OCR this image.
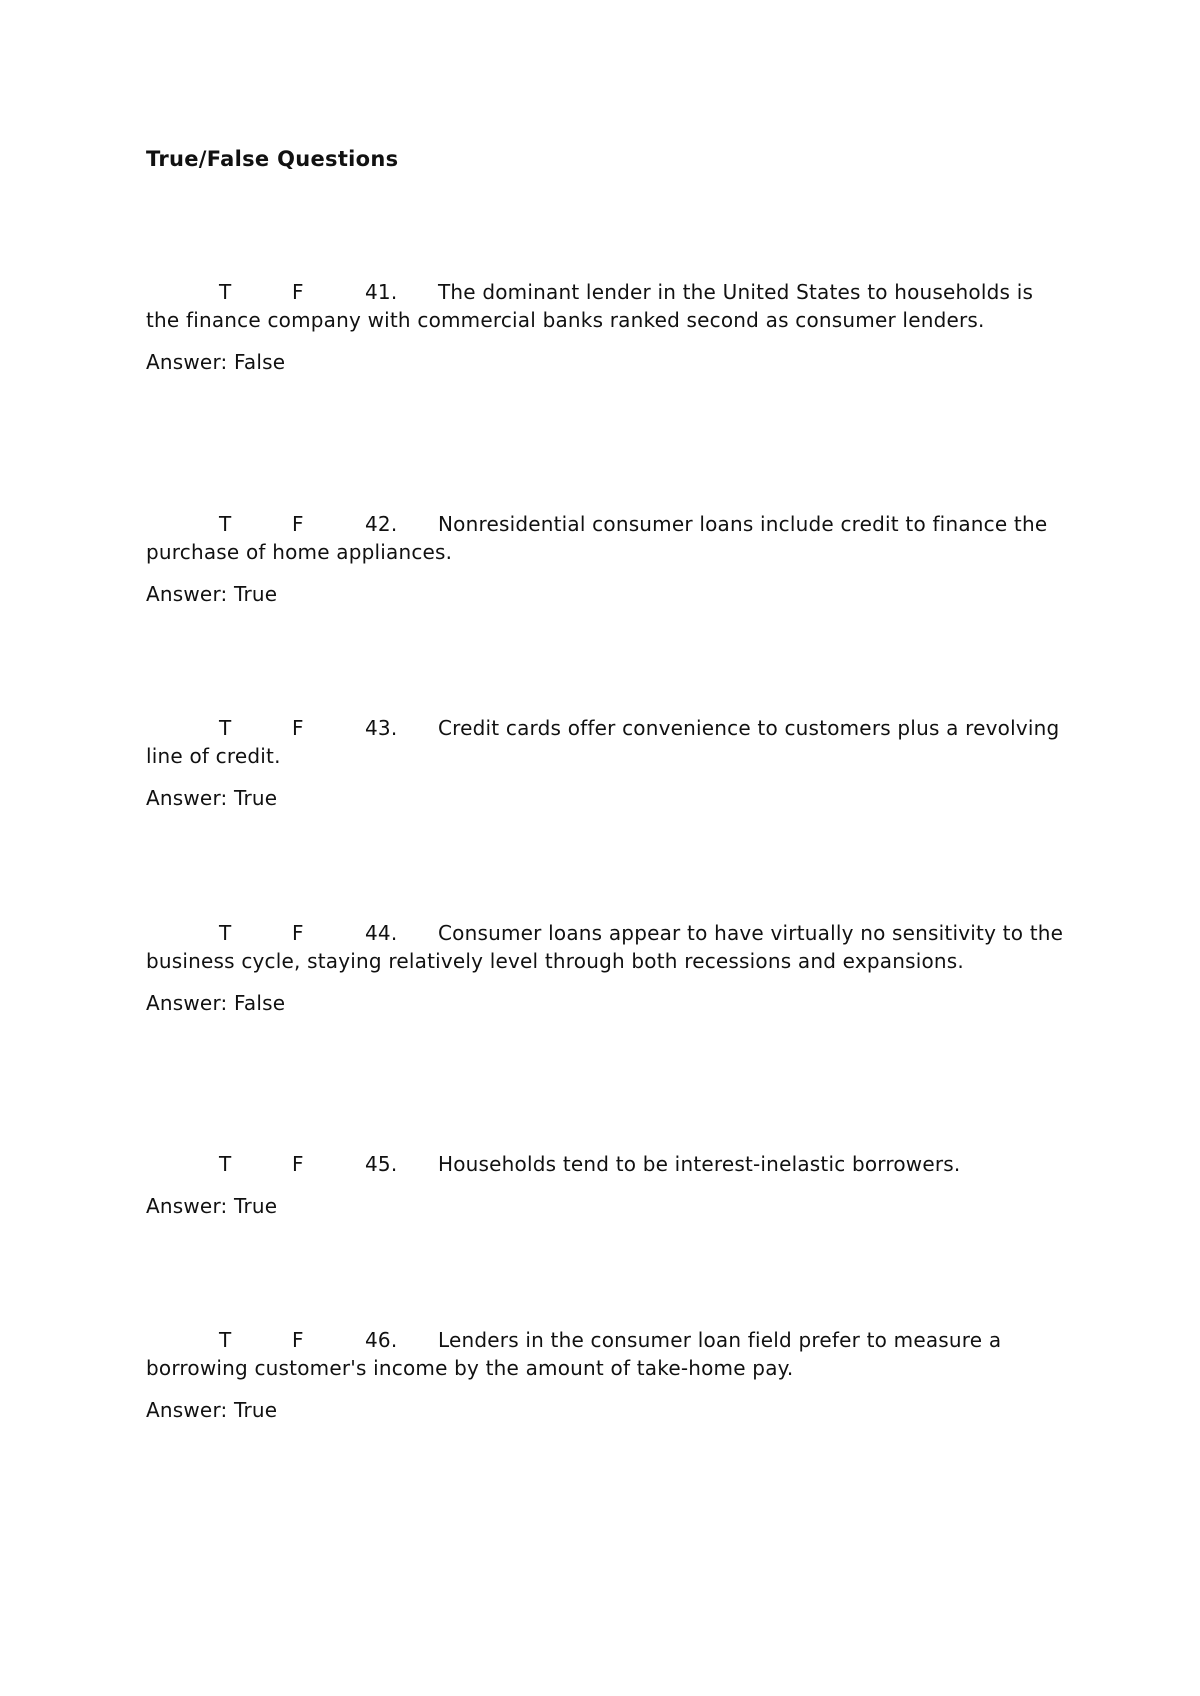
True/False Questions

T	F	41. The dominant lender in the United States to households is the finance company with commercial banks ranked second as consumer lenders.

Answer: False

T	F	42. Nonresidential consumer loans include credit to finance the purchase of home appliances.

Answer: True

T	F	43. Credit cards offer convenience to customers plus a revolving line of credit.

Answer: True

T	F	44. Consumer loans appear to have virtually no sensitivity to the business cycle, staying relatively level through both recessions and expansions.

Answer: False

T	F	45. Households tend to be interest-inelastic borrowers.

Answer: True

T	F	46. Lenders in the consumer loan field prefer to measure a borrowing customer's income by the amount of take-home pay.

Answer: True
